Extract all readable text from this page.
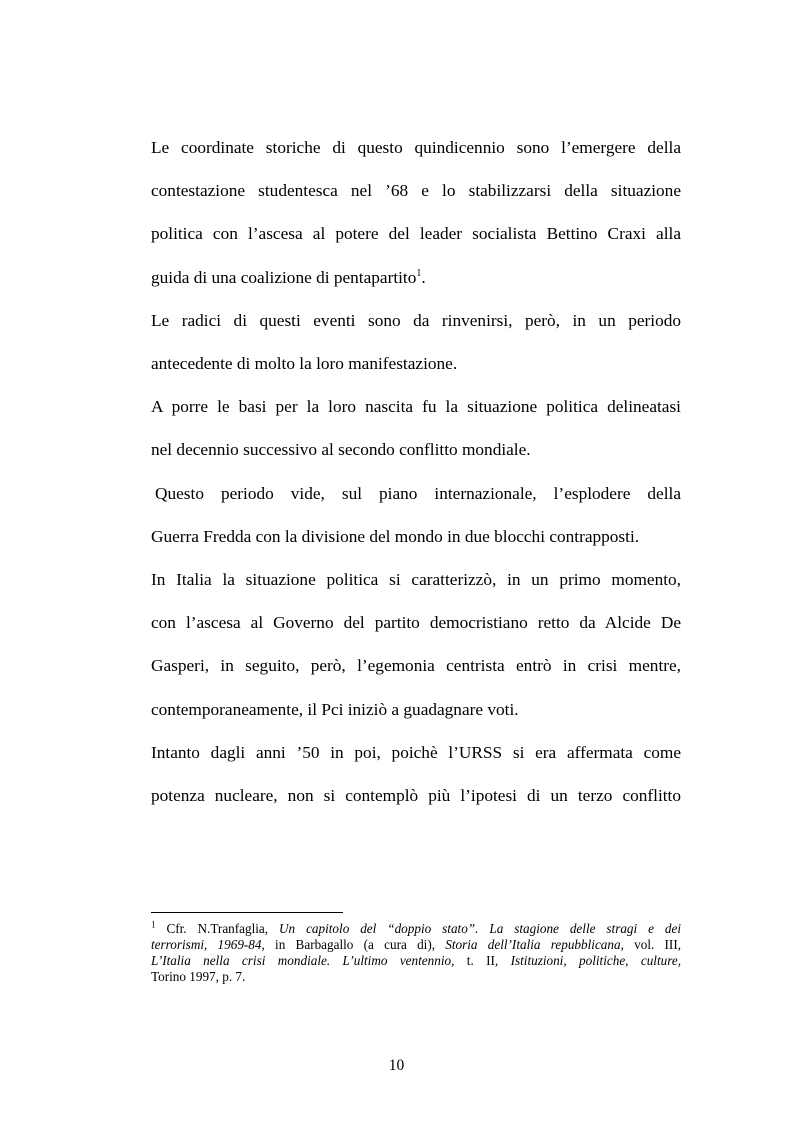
Le coordinate storiche di questo quindicennio sono l’emergere della
contestazione studentesca nel ’68 e lo stabilizzarsi della situazione
politica con l’ascesa al potere del leader socialista Bettino Craxi alla
guida di una coalizione di pentapartito$^1$.

Le radici di questi eventi sono da rinvenirsi, però, in un periodo
antecedente di molto la loro manifestazione.

A porre le basi per la loro nascita fu la situazione politica delineatasi
nel decennio successivo al secondo conflitto mondiale.

Questo periodo vide, sul piano internazionale, l’esplodere della
Guerra Fredda con la divisione del mondo in due blocchi contrapposti.

In Italia la situazione politica si caratterizzò, in un primo momento,
con l’ascesa al Governo del partito democristiano retto da Alcide De
Gasperi, in seguito, però, l’egemonia centrista entrò in crisi mentre,
contemporaneamente, il Pci iniziò a guadagnare voti.

Intanto dagli anni ’50 in poi, poichè l’URSS si era affermata come
potenza nucleare, non si contemplò più l’ipotesi di un terzo conflitto

$^1$ Cfr. N.Tranfaglia, Un capitolo del “doppio stato”. La stagione delle stragi e dei
terrorismi, 1969-84, in Barbagallo (a cura di), Storia dell’Italia repubblicana, vol. III,
L’Italia nella crisi mondiale. L’ultimo ventennio, t. II, Istituzioni, politiche, culture,
Torino 1997, p. 7.
10
